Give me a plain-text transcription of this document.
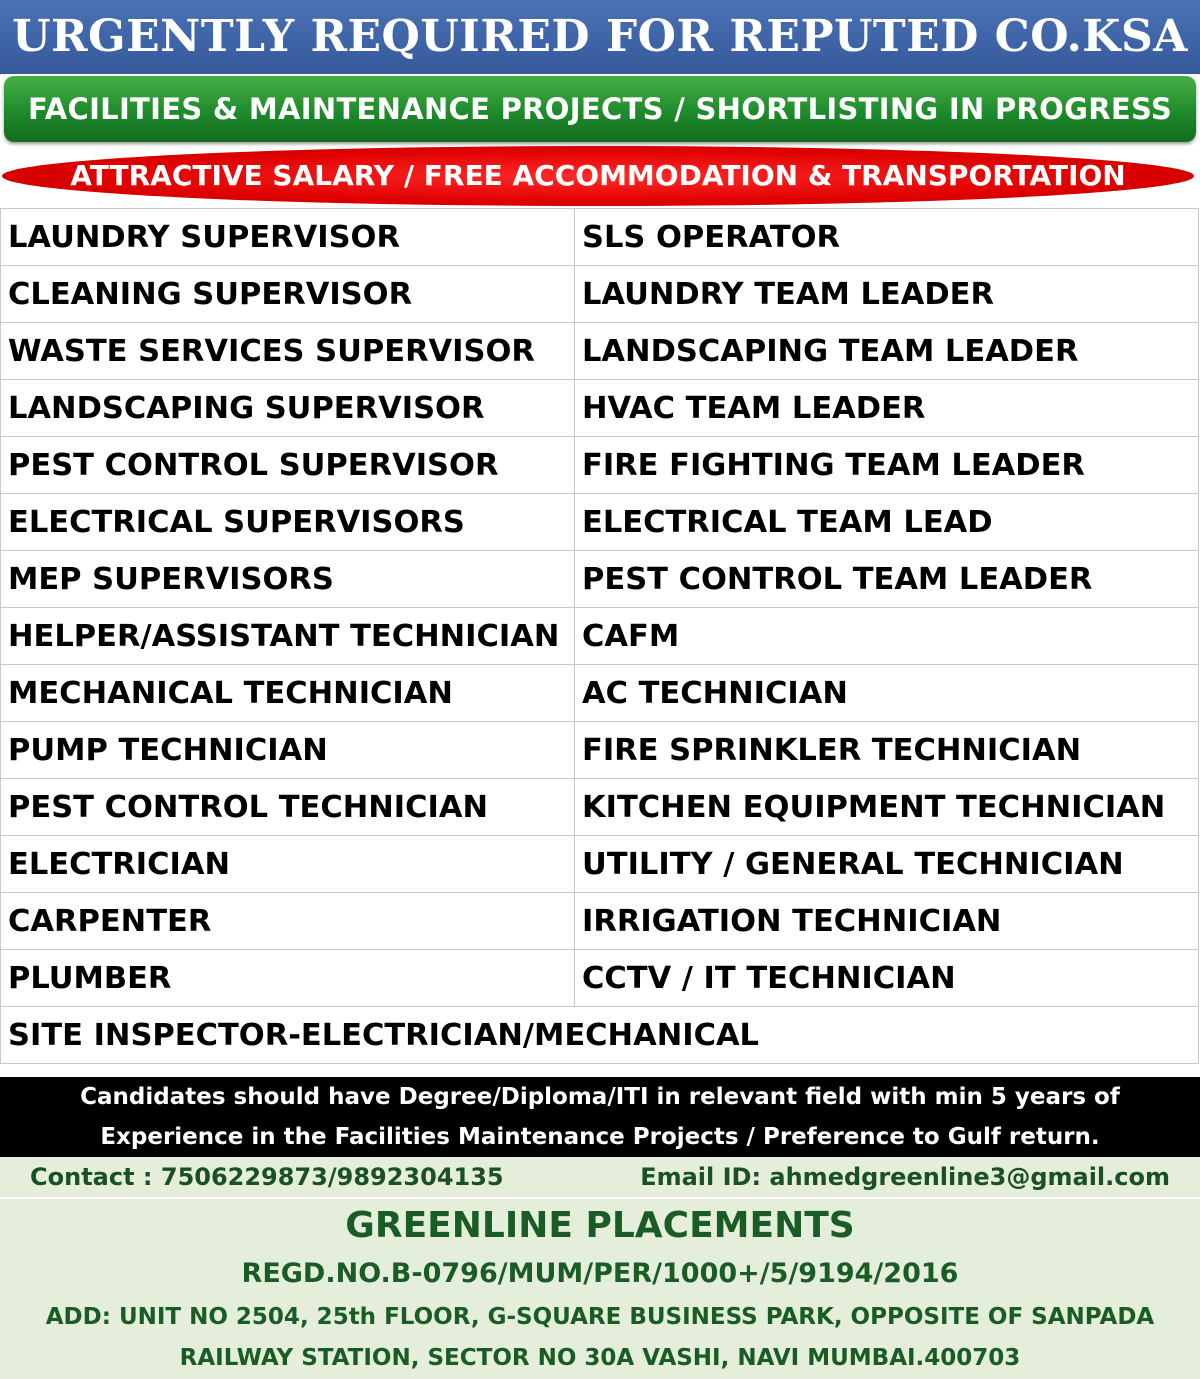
URGENTLY REQUIRED FOR REPUTED CO.KSA
FACILITIES & MAINTENANCE PROJECTS / SHORTLISTING IN PROGRESS
ATTRACTIVE SALARY / FREE ACCOMMODATION & TRANSPORTATION
LAUNDRY SUPERVISOR	SLS OPERATOR
CLEANING SUPERVISOR	LAUNDRY TEAM LEADER
WASTE SERVICES SUPERVISOR	LANDSCAPING TEAM LEADER
LANDSCAPING SUPERVISOR	HVAC TEAM LEADER
PEST CONTROL SUPERVISOR	FIRE FIGHTING TEAM LEADER
ELECTRICAL SUPERVISORS	ELECTRICAL TEAM LEAD
MEP SUPERVISORS	PEST CONTROL TEAM LEADER
HELPER/ASSISTANT TECHNICIAN	CAFM
MECHANICAL TECHNICIAN	AC TECHNICIAN
PUMP TECHNICIAN	FIRE SPRINKLER TECHNICIAN
PEST CONTROL TECHNICIAN	KITCHEN EQUIPMENT TECHNICIAN
ELECTRICIAN	UTILITY / GENERAL TECHNICIAN
CARPENTER	IRRIGATION TECHNICIAN
PLUMBER	CCTV / IT TECHNICIAN
SITE INSPECTOR-ELECTRICIAN/MECHANICAL	
Candidates should have Degree/Diploma/ITI in relevant field with min 5 years of
Experience in the Facilities Maintenance Projects / Preference to Gulf return.
Contact : 7506229873/9892304135	Email ID: ahmedgreenline3@gmail.com
GREENLINE PLACEMENTS
REGD.NO.B-0796/MUM/PER/1000+/5/9194/2016
ADD: UNIT NO 2504, 25th FLOOR, G-SQUARE BUSINESS PARK, OPPOSITE OF SANPADA
RAILWAY STATION, SECTOR NO 30A VASHI, NAVI MUMBAI.400703
